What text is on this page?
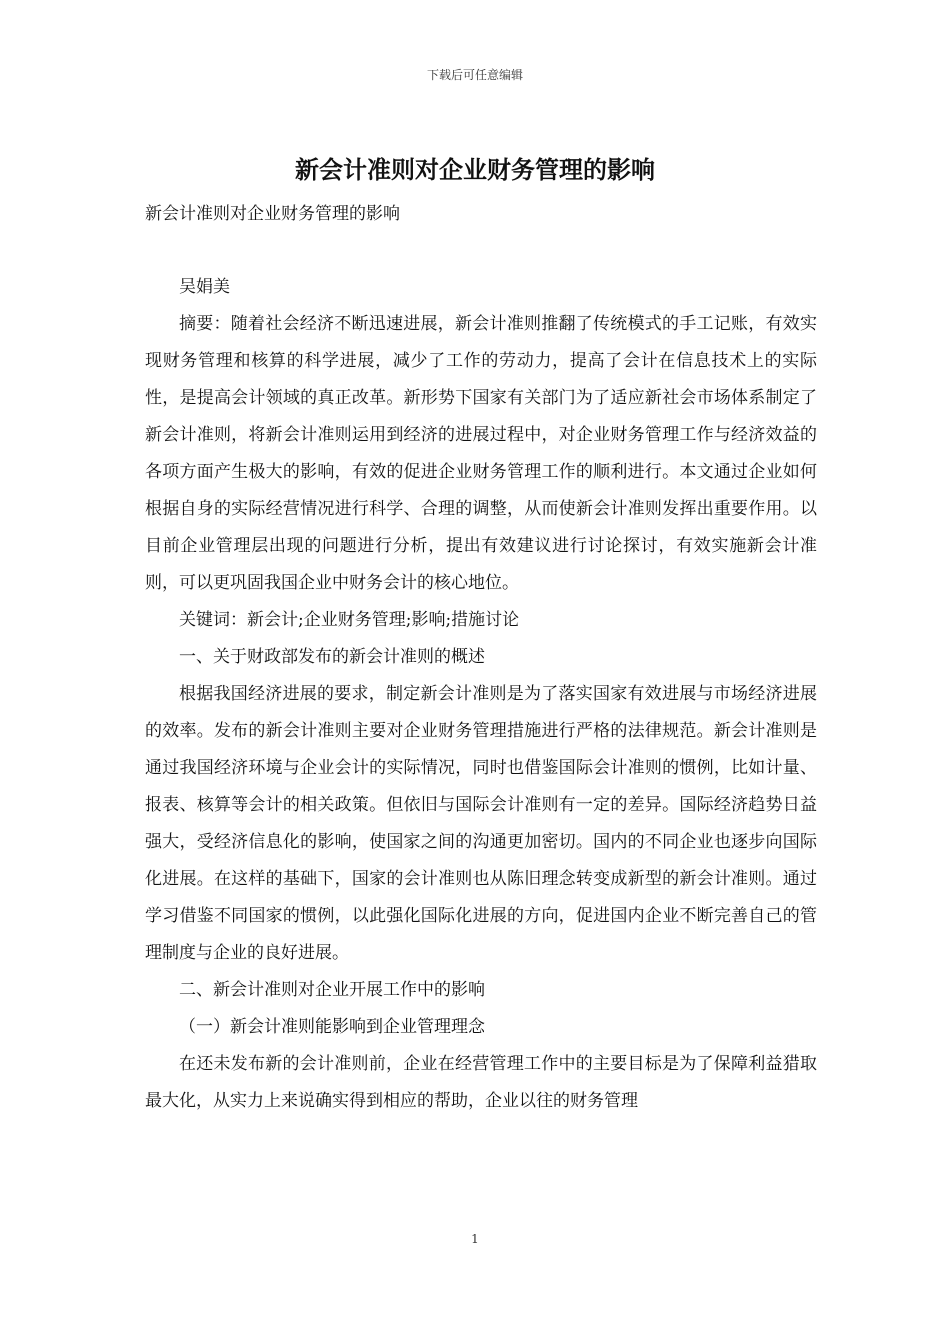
下载后可任意编辑
新会计准则对企业财务管理的影响

新会计准则对企业财务管理的影响

吴娟美

摘要：随着社会经济不断迅速进展，新会计准则推翻了传统模式的手工记账，有效实现财务管理和核算的科学进展，减少了工作的劳动力，提高了会计在信息技术上的实际性，是提高会计领域的真正改革。新形势下国家有关部门为了适应新社会市场体系制定了新会计准则，将新会计准则运用到经济的进展过程中，对企业财务管理工作与经济效益的各项方面产生极大的影响，有效的促进企业财务管理工作的顺利进行。本文通过企业如何根据自身的实际经营情况进行科学、合理的调整，从而使新会计准则发挥出重要作用。以目前企业管理层出现的问题进行分析，提出有效建议进行讨论探讨，有效实施新会计准则，可以更巩固我国企业中财务会计的核心地位。

关键词：新会计;企业财务管理;影响;措施讨论

一、关于财政部发布的新会计准则的概述

根据我国经济进展的要求，制定新会计准则是为了落实国家有效进展与市场经济进展的效率。发布的新会计准则主要对企业财务管理措施进行严格的法律规范。新会计准则是通过我国经济环境与企业会计的实际情况，同时也借鉴国际会计准则的惯例，比如计量、报表、核算等会计的相关政策。但依旧与国际会计准则有一定的差异。国际经济趋势日益强大，受经济信息化的影响，使国家之间的沟通更加密切。国内的不同企业也逐步向国际化进展。在这样的基础下，国家的会计准则也从陈旧理念转变成新型的新会计准则。通过学习借鉴不同国家的惯例，以此强化国际化进展的方向，促进国内企业不断完善自己的管理制度与企业的良好进展。

二、新会计准则对企业开展工作中的影响

（一）新会计准则能影响到企业管理理念

在还未发布新的会计准则前，企业在经营管理工作中的主要目标是为了保障利益猎取最大化，从实力上来说确实得到相应的帮助，企业以往的财务管理

1
